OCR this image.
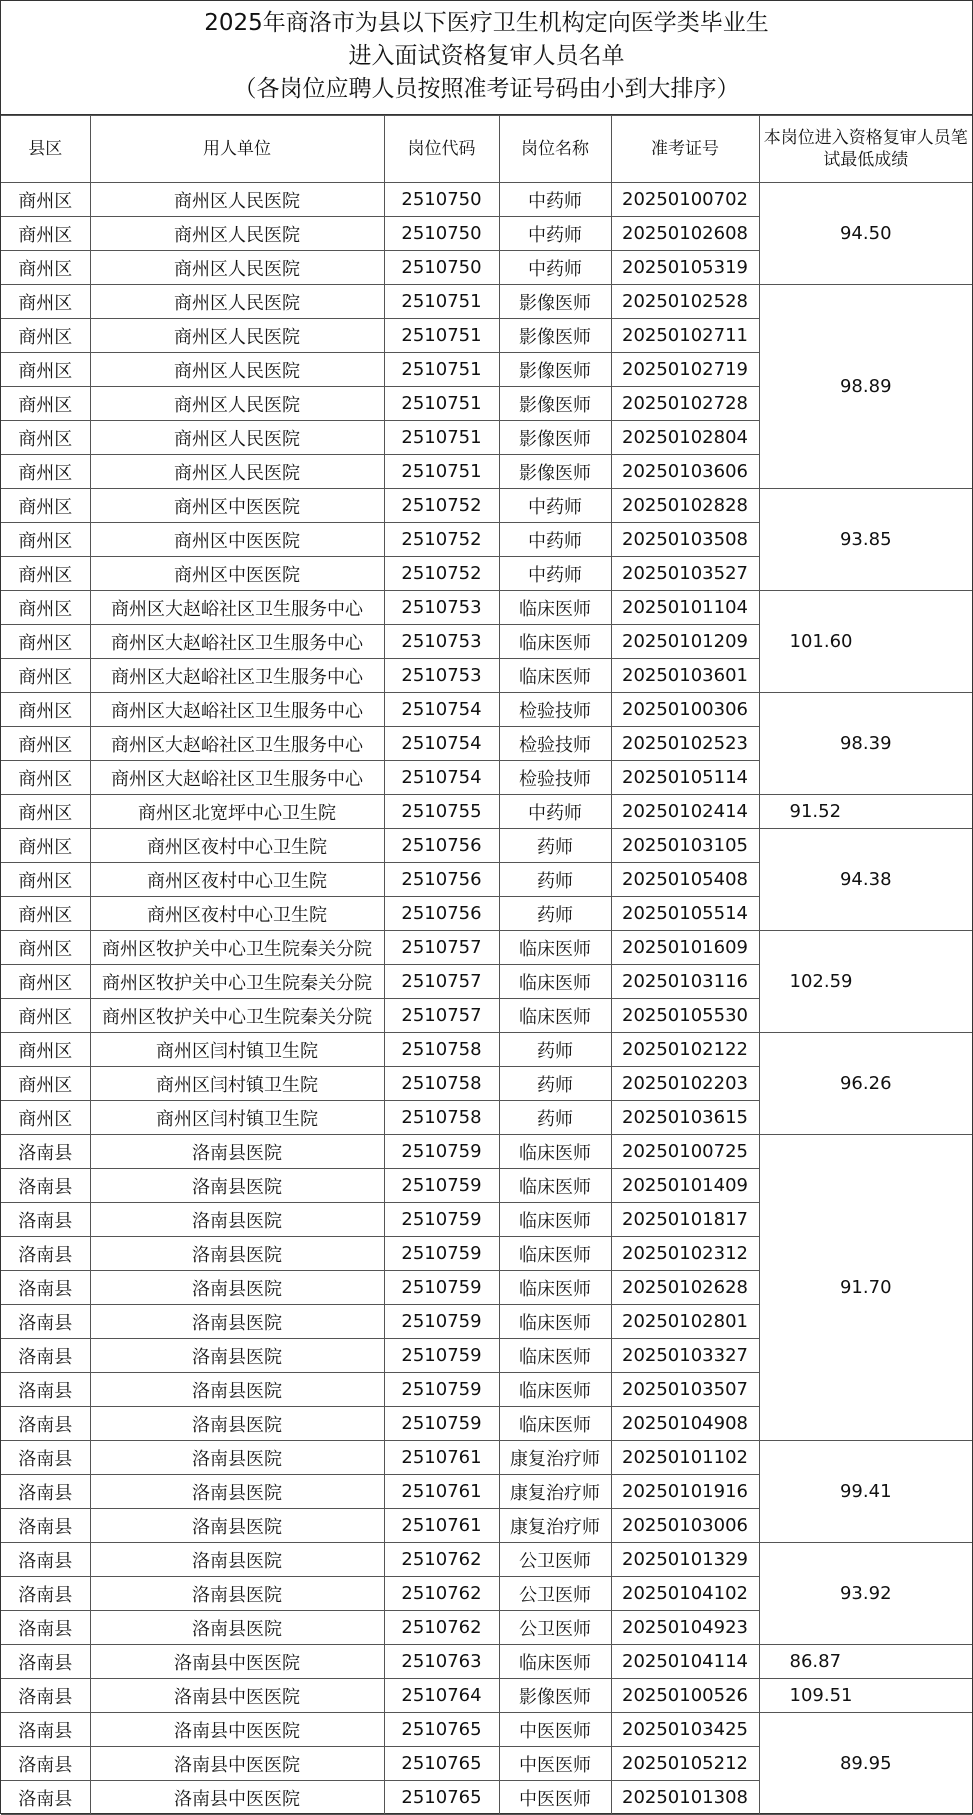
2025年商洛市为县以下医疗卫生机构定向医学类毕业生
进入面试资格复审人员名单
（各岗位应聘人员按照准考证号码由小到大排序）
县区	用人单位	岗位代码	岗位名称	准考证号	本岗位进入资格复审人员笔试最低成绩
商州区	商州区人民医院	2510750	中药师	20250100702	94.50
商州区	商州区人民医院	2510750	中药师	20250102608	
商州区	商州区人民医院	2510750	中药师	20250105319	
商州区	商州区人民医院	2510751	影像医师	20250102528	98.89
商州区	商州区人民医院	2510751	影像医师	20250102711	
商州区	商州区人民医院	2510751	影像医师	20250102719	
商州区	商州区人民医院	2510751	影像医师	20250102728	
商州区	商州区人民医院	2510751	影像医师	20250102804	
商州区	商州区人民医院	2510751	影像医师	20250103606	
商州区	商州区中医医院	2510752	中药师	20250102828	93.85
商州区	商州区中医医院	2510752	中药师	20250103508	
商州区	商州区中医医院	2510752	中药师	20250103527	
商州区	商州区大赵峪社区卫生服务中心	2510753	临床医师	20250101104	101.60
商州区	商州区大赵峪社区卫生服务中心	2510753	临床医师	20250101209	
商州区	商州区大赵峪社区卫生服务中心	2510753	临床医师	20250103601	
商州区	商州区大赵峪社区卫生服务中心	2510754	检验技师	20250100306	98.39
商州区	商州区大赵峪社区卫生服务中心	2510754	检验技师	20250102523	
商州区	商州区大赵峪社区卫生服务中心	2510754	检验技师	20250105114	
商州区	商州区北宽坪中心卫生院	2510755	中药师	20250102414	91.52
商州区	商州区夜村中心卫生院	2510756	药师	20250103105	94.38
商州区	商州区夜村中心卫生院	2510756	药师	20250105408	
商州区	商州区夜村中心卫生院	2510756	药师	20250105514	
商州区	商州区牧护关中心卫生院秦关分院	2510757	临床医师	20250101609	102.59
商州区	商州区牧护关中心卫生院秦关分院	2510757	临床医师	20250103116	
商州区	商州区牧护关中心卫生院秦关分院	2510757	临床医师	20250105530	
商州区	商州区闫村镇卫生院	2510758	药师	20250102122	96.26
商州区	商州区闫村镇卫生院	2510758	药师	20250102203	
商州区	商州区闫村镇卫生院	2510758	药师	20250103615	
洛南县	洛南县医院	2510759	临床医师	20250100725	91.70
洛南县	洛南县医院	2510759	临床医师	20250101409	
洛南县	洛南县医院	2510759	临床医师	20250101817	
洛南县	洛南县医院	2510759	临床医师	20250102312	
洛南县	洛南县医院	2510759	临床医师	20250102628	
洛南县	洛南县医院	2510759	临床医师	20250102801	
洛南县	洛南县医院	2510759	临床医师	20250103327	
洛南县	洛南县医院	2510759	临床医师	20250103507	
洛南县	洛南县医院	2510759	临床医师	20250104908	
洛南县	洛南县医院	2510761	康复治疗师	20250101102	99.41
洛南县	洛南县医院	2510761	康复治疗师	20250101916	
洛南县	洛南县医院	2510761	康复治疗师	20250103006	
洛南县	洛南县医院	2510762	公卫医师	20250101329	93.92
洛南县	洛南县医院	2510762	公卫医师	20250104102	
洛南县	洛南县医院	2510762	公卫医师	20250104923	
洛南县	洛南县中医医院	2510763	临床医师	20250104114	86.87
洛南县	洛南县中医医院	2510764	影像医师	20250100526	109.51
洛南县	洛南县中医医院	2510765	中医医师	20250103425	89.95
洛南县	洛南县中医医院	2510765	中医医师	20250105212	
洛南县	洛南县中医医院	2510765	中医医师	20250101308	
